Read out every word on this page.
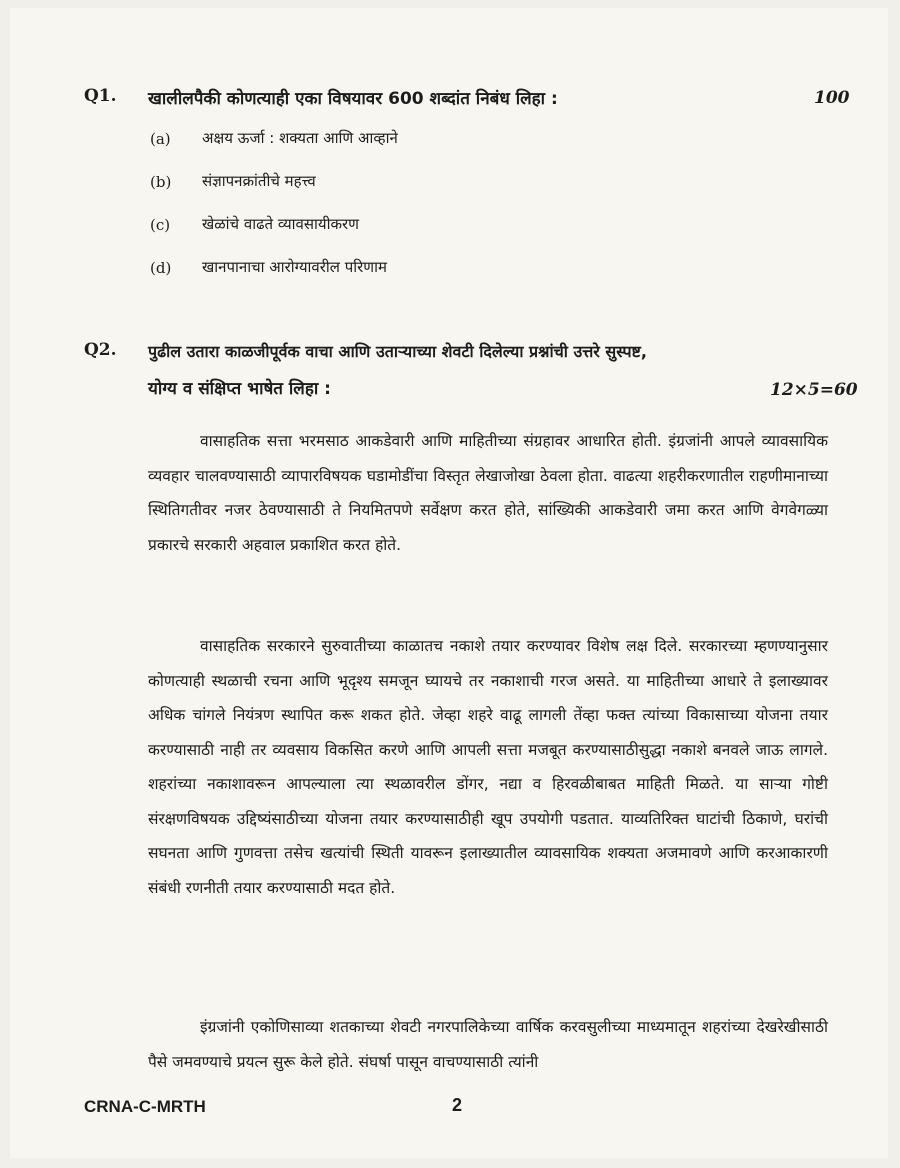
Q1. खालीलपैकी कोणत्याही एका विषयावर 600 शब्दांत निबंध लिहा :	100
(a) अक्षय ऊर्जा : शक्यता आणि आव्हाने
(b) संज्ञापनक्रांतीचे महत्त्व
(c) खेळांचे वाढते व्यावसायीकरण
(d) खानपानाचा आरोग्यावरील परिणाम
Q2. पुढील उतारा काळजीपूर्वक वाचा आणि उताऱ्याच्या शेवटी दिलेल्या प्रश्नांची उत्तरे सुस्पष्ट,
योग्य व संक्षिप्त भाषेत लिहा :	12×5=60
वासाहतिक सत्ता भरमसाठ आकडेवारी आणि माहितीच्या संग्रहावर आधारित होती. इंग्रजांनी आपले व्यावसायिक व्यवहार चालवण्यासाठी व्यापारविषयक घडामोडींचा विस्तृत लेखाजोखा ठेवला होता. वाढत्या शहरीकरणातील राहणीमानाच्या स्थितिगतीवर नजर ठेवण्यासाठी ते नियमितपणे सर्वेक्षण करत होते, सांख्यिकी आकडेवारी जमा करत आणि वेगवेगळ्या प्रकारचे सरकारी अहवाल प्रकाशित करत होते.
वासाहतिक सरकारने सुरुवातीच्या काळातच नकाशे तयार करण्यावर विशेष लक्ष दिले. सरकारच्या म्हणण्यानुसार कोणत्याही स्थळाची रचना आणि भूदृश्य समजून घ्यायचे तर नकाशाची गरज असते. या माहितीच्या आधारे ते इलाख्यावर अधिक चांगले नियंत्रण स्थापित करू शकत होते. जेव्हा शहरे वाढू लागली तेंव्हा फक्त त्यांच्या विकासाच्या योजना तयार करण्यासाठी नाही तर व्यवसाय विकसित करणे आणि आपली सत्ता मजबूत करण्यासाठीसुद्धा नकाशे बनवले जाऊ लागले. शहरांच्या नकाशावरून आपल्याला त्या स्थळावरील डोंगर, नद्या व हिरवळीबाबत माहिती मिळते. या साऱ्या गोष्टी संरक्षणविषयक उद्दिष्यंसाठीच्या योजना तयार करण्यासाठीही खूप उपयोगी पडतात. याव्यतिरिक्त घाटांची ठिकाणे, घरांची सघनता आणि गुणवत्ता तसेच खत्यांची स्थिती यावरून इलाख्यातील व्यावसायिक शक्यता अजमावणे आणि करआकारणी संबंधी रणनीती तयार करण्यासाठी मदत होते.
इंग्रजांनी एकोणिसाव्या शतकाच्या शेवटी नगरपालिकेच्या वार्षिक करवसुलीच्या माध्यमातून शहरांच्या देखरेखीसाठी पैसे जमवण्याचे प्रयत्न सुरू केले होते. संघर्षा पासून वाचण्यासाठी त्यांनी
CRNA-C-MRTH	2
